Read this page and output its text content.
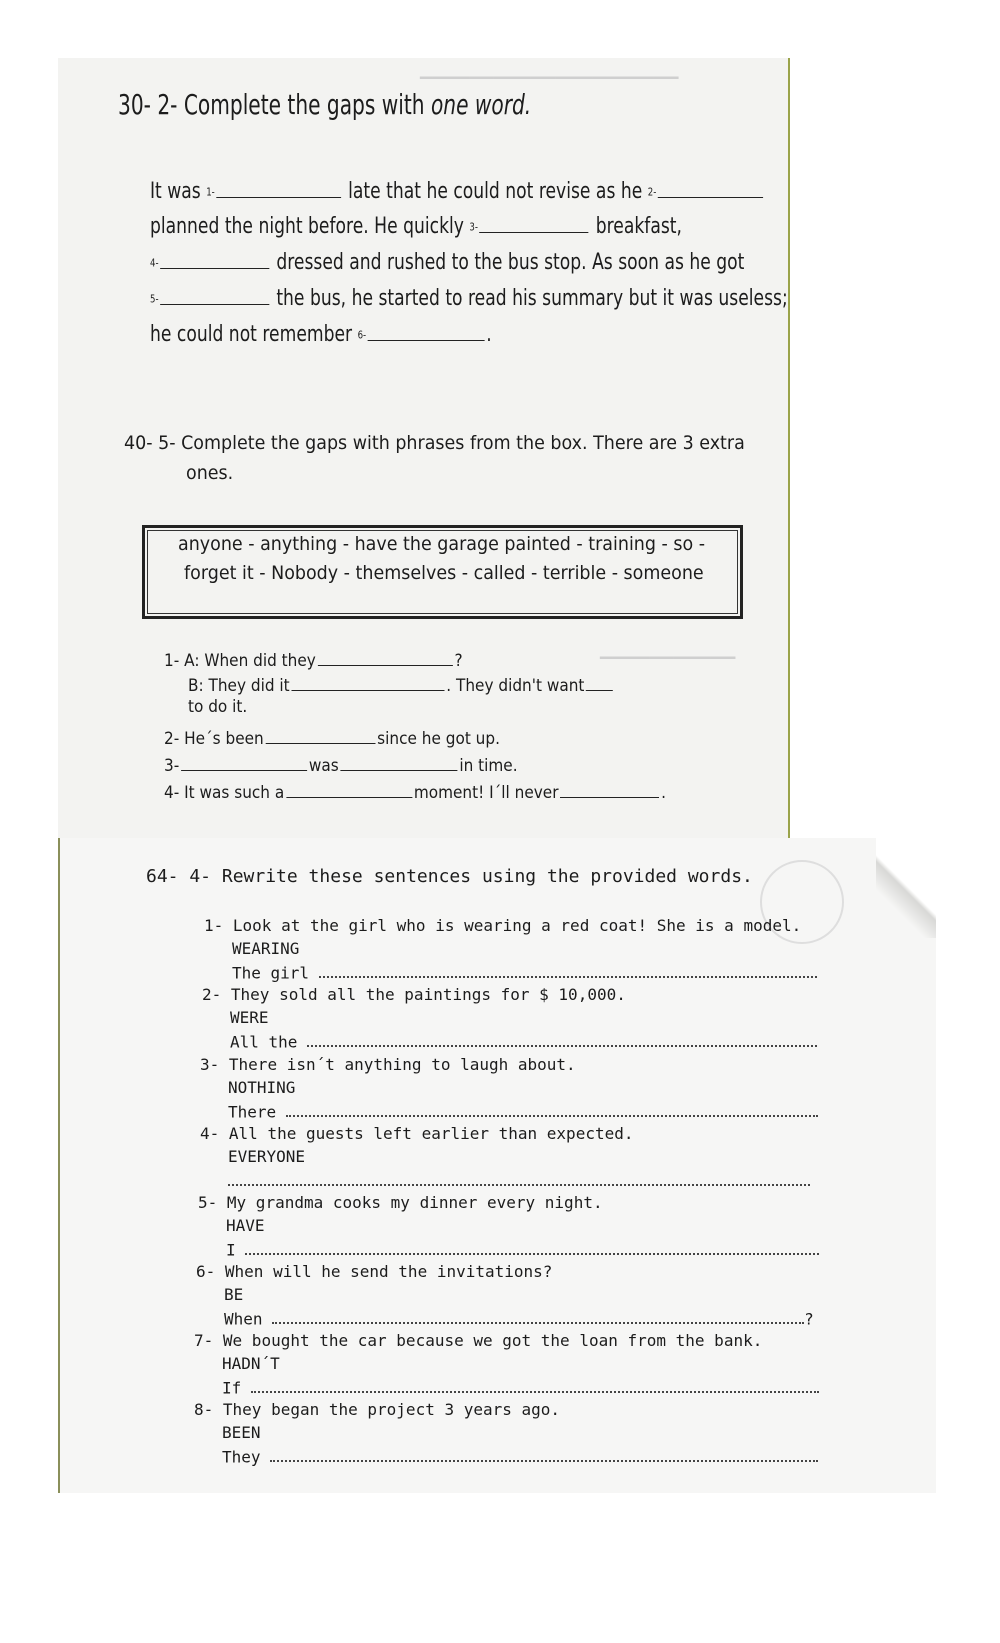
▁▁▁▁▁▁▁▁▁▁▁▁▁▁▁▁▁▁▁▁▁
▁▁▁▁▁▁▁▁▁▁▁
30- 2- Complete the gaps with one word.
It was 1-	late that he could not revise as he 2-
planned the night before. He quickly 3-	breakfast,
4-	dressed and rushed to the bus stop. As soon as he got
5-	the bus, he started to read his summary but it was useless;
he could not remember 6-	.
40- 5- Complete the gaps with phrases from the box. There are 3 extra
ones.
anyone - anything - have the garage painted - training - so -
forget it - Nobody - themselves - called - terrible - someone
1- A: When did they	?
B: They did it	. They didn't want
to do it.
2- He´s been	since he got up.
3-	was	in time.
4- It was such a	moment! I´ll never	.
64- 4- Rewrite these sentences using the provided words.
1- Look at the girl who is wearing a red coat! She is a model.
WEARING
The girl
2- They sold all the paintings for $ 10,000.
WERE
All the
3- There isn´t anything to laugh about.
NOTHING
There
4- All the guests left earlier than expected.
EVERYONE
5- My grandma cooks my dinner every night.
HAVE
I
6- When will he send the invitations?
BE
When	?
7- We bought the car because we got the loan from the bank.
HADN´T
If
8- They began the project 3 years ago.
BEEN
They
